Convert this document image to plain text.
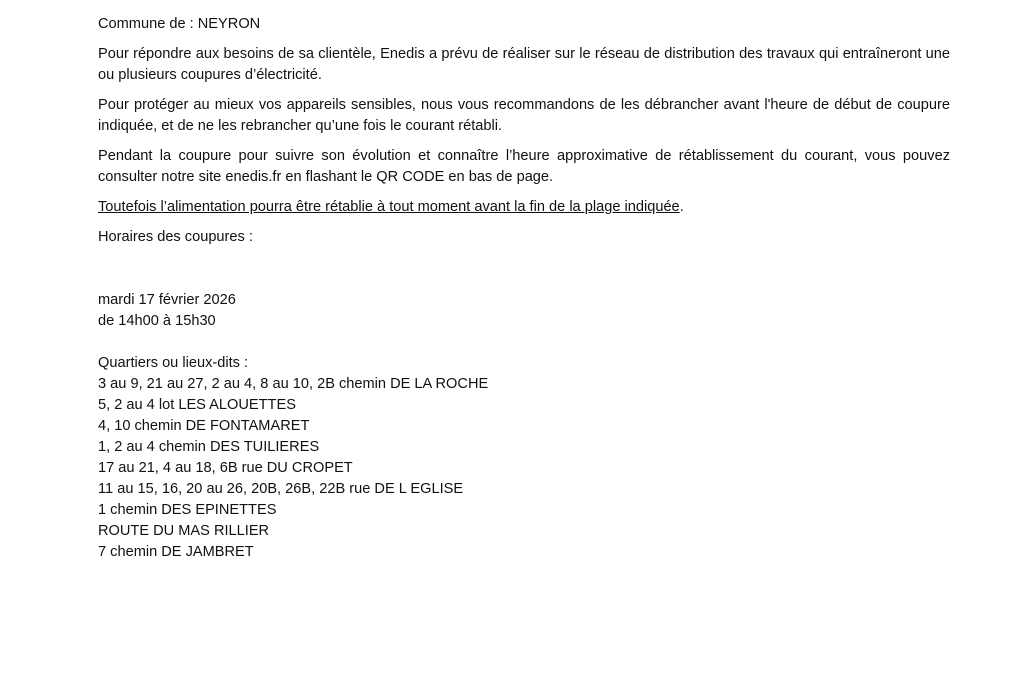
Commune de : NEYRON

Pour répondre aux besoins de sa clientèle, Enedis a prévu de réaliser sur le réseau de distribution des travaux qui entraîneront une ou plusieurs coupures d’électricité.

Pour protéger au mieux vos appareils sensibles, nous vous recommandons de les débrancher avant l'heure de début de coupure indiquée, et de ne les rebrancher qu’une fois le courant rétabli.

Pendant la coupure pour suivre son évolution et connaître l’heure approximative de rétablissement du courant, vous pouvez consulter notre site enedis.fr en flashant le QR CODE en bas de page.

Toutefois l’alimentation pourra être rétablie à tout moment avant la fin de la plage indiquée.

Horaires des coupures :

mardi 17 février 2026

de 14h00 à 15h30

Quartiers ou lieux-dits :

3 au 9, 21 au 27, 2 au 4, 8 au 10, 2B chemin DE LA ROCHE

5, 2 au 4 lot LES ALOUETTES

4, 10 chemin DE FONTAMARET

1, 2 au 4 chemin DES TUILIERES

17 au 21, 4 au 18, 6B rue DU CROPET

11 au 15, 16, 20 au 26, 20B, 26B, 22B rue DE L EGLISE

1 chemin DES EPINETTES

ROUTE DU MAS RILLIER

7 chemin DE JAMBRET
